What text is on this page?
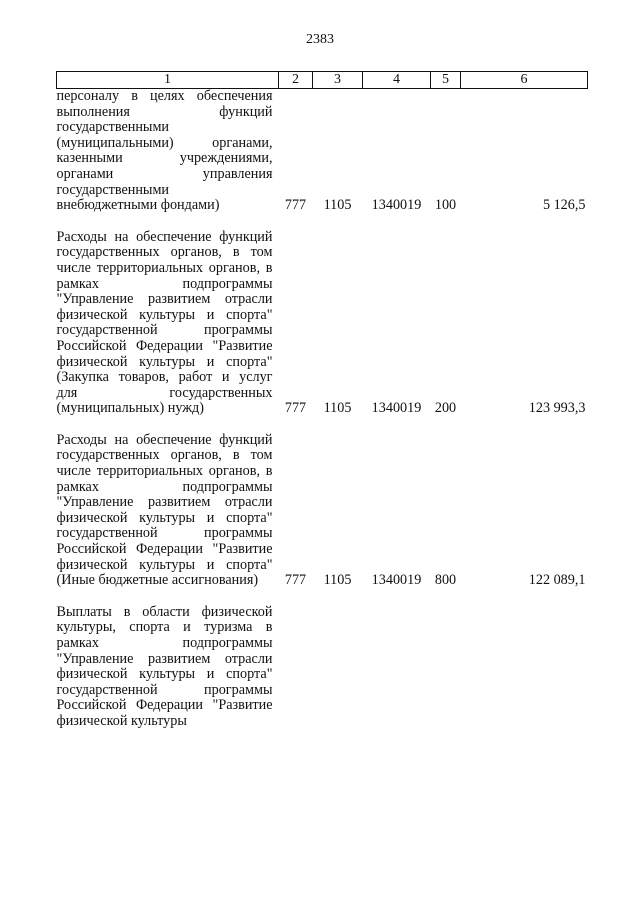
2383
1	2	3	4	5	6
персоналу в целях обеспечения выполнения функций государственными (муниципальными) органами, казенными учреждениями, органами управления государственными внебюджетными фондами)	777	1105	1340019	100	5 126,5
Расходы на обеспечение функций государственных органов, в том числе территориальных органов, в рамках подпрограммы "Управление развитием отрасли физической культуры и спорта" государственной программы Российской Федерации "Развитие физической культуры и спорта" (Закупка товаров, работ и услуг для государственных (муниципальных) нужд)	777	1105	1340019	200	123 993,3
Расходы на обеспечение функций государственных органов, в том числе территориальных органов, в рамках подпрограммы "Управление развитием отрасли физической культуры и спорта" государственной программы Российской Федерации "Развитие физической культуры и спорта" (Иные бюджетные ассигнования)	777	1105	1340019	800	122 089,1
Выплаты в области физической культуры, спорта и туризма в рамках подпрограммы "Управление развитием отрасли физической культуры и спорта" государственной программы Российской Федерации "Развитие физической культуры					
